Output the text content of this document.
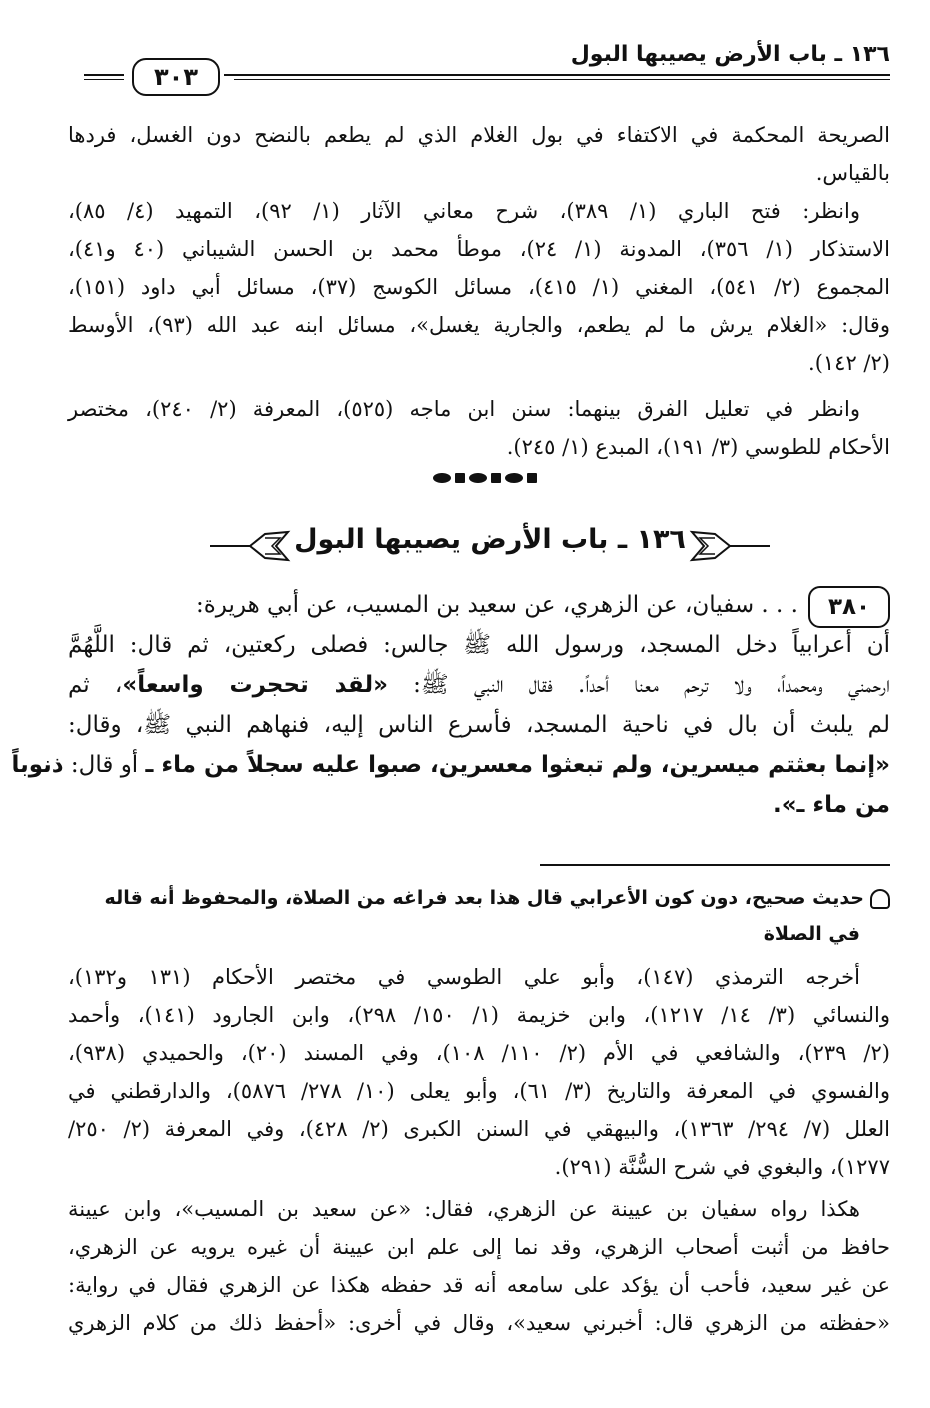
١٣٦ ـ باب الأرض يصيبها البول
٣٠٣
الصريحة المحكمة في الاكتفاء في بول الغلام الذي لم يطعم بالنضح دون الغسل، فردها
بالقياس.
وانظر: فتح الباري (١/ ٣٨٩)، شرح معاني الآثار (١/ ٩٢)، التمهيد (٤/ ٨٥)،
الاستذكار (١/ ٣٥٦)، المدونة (١/ ٢٤)، موطأ محمد بن الحسن الشيباني (٤٠ و٤١)،
المجموع (٢/ ٥٤١)، المغني (١/ ٤١٥)، مسائل الكوسج (٣٧)، مسائل أبي داود (١٥١)،
وقال: «الغلام يرش ما لم يطعم، والجارية يغسل»، مسائل ابنه عبد الله (٩٣)، الأوسط
(٢/ ١٤٢).
وانظر في تعليل الفرق بينهما: سنن ابن ماجه (٥٢٥)، المعرفة (٢/ ٢٤٠)، مختصر
الأحكام للطوسي (٣/ ١٩١)، المبدع (١/ ٢٤٥).
١٣٦ ـ باب الأرض يصيبها البول
٣٨٠
. . . سفيان، عن الزهري، عن سعيد بن المسيب، عن أبي هريرة:
أن أعرابياً دخل المسجد، ورسول الله ﷺ جالس: فصلى ركعتين، ثم قال: اللَّهُمَّ
ارحمني ومحمداً، ولا ترحم معنا أحداً. فقال النبي ﷺ: «لقد تحجرت واسعاً»، ثم
لم يلبث أن بال في ناحية المسجد، فأسرع الناس إليه، فنهاهم النبي ﷺ، وقال:
«إنما بعثتم ميسرين، ولم تبعثوا معسرين، صبوا عليه سجلاً من ماء ـ أو قال: ذنوباً
من ماء ـ».
حديث صحيح، دون كون الأعرابي قال هذا بعد فراغه من الصلاة، والمحفوظ أنه قاله
في الصلاة
أخرجه الترمذي (١٤٧)، وأبو علي الطوسي في مختصر الأحكام (١٣١ و١٣٢)،
والنسائي (٣/ ١٤/ ١٢١٧)، وابن خزيمة (١/ ١٥٠/ ٢٩٨)، وابن الجارود (١٤١)، وأحمد
(٢/ ٢٣٩)، والشافعي في الأم (٢/ ١١٠/ ١٠٨)، وفي المسند (٢٠)، والحميدي (٩٣٨)،
والفسوي في المعرفة والتاريخ (٣/ ٦١)، وأبو يعلى (١٠/ ٢٧٨/ ٥٨٧٦)، والدارقطني في
العلل (٧/ ٢٩٤/ ١٣٦٣)، والبيهقي في السنن الكبرى (٢/ ٤٢٨)، وفي المعرفة (٢/ ٢٥٠/
١٢٧٧)، والبغوي في شرح السُّنَّة (٢٩١).
هكذا رواه سفيان بن عيينة عن الزهري، فقال: «عن سعيد بن المسيب»، وابن عيينة
حافظ من أثبت أصحاب الزهري، وقد نما إلى علم ابن عيينة أن غيره يرويه عن الزهري،
عن غير سعيد، فأحب أن يؤكد على سامعه أنه قد حفظه هكذا عن الزهري فقال في رواية:
«حفظته من الزهري قال: أخبرني سعيد»، وقال في أخرى: «أحفظ ذلك من كلام الزهري
